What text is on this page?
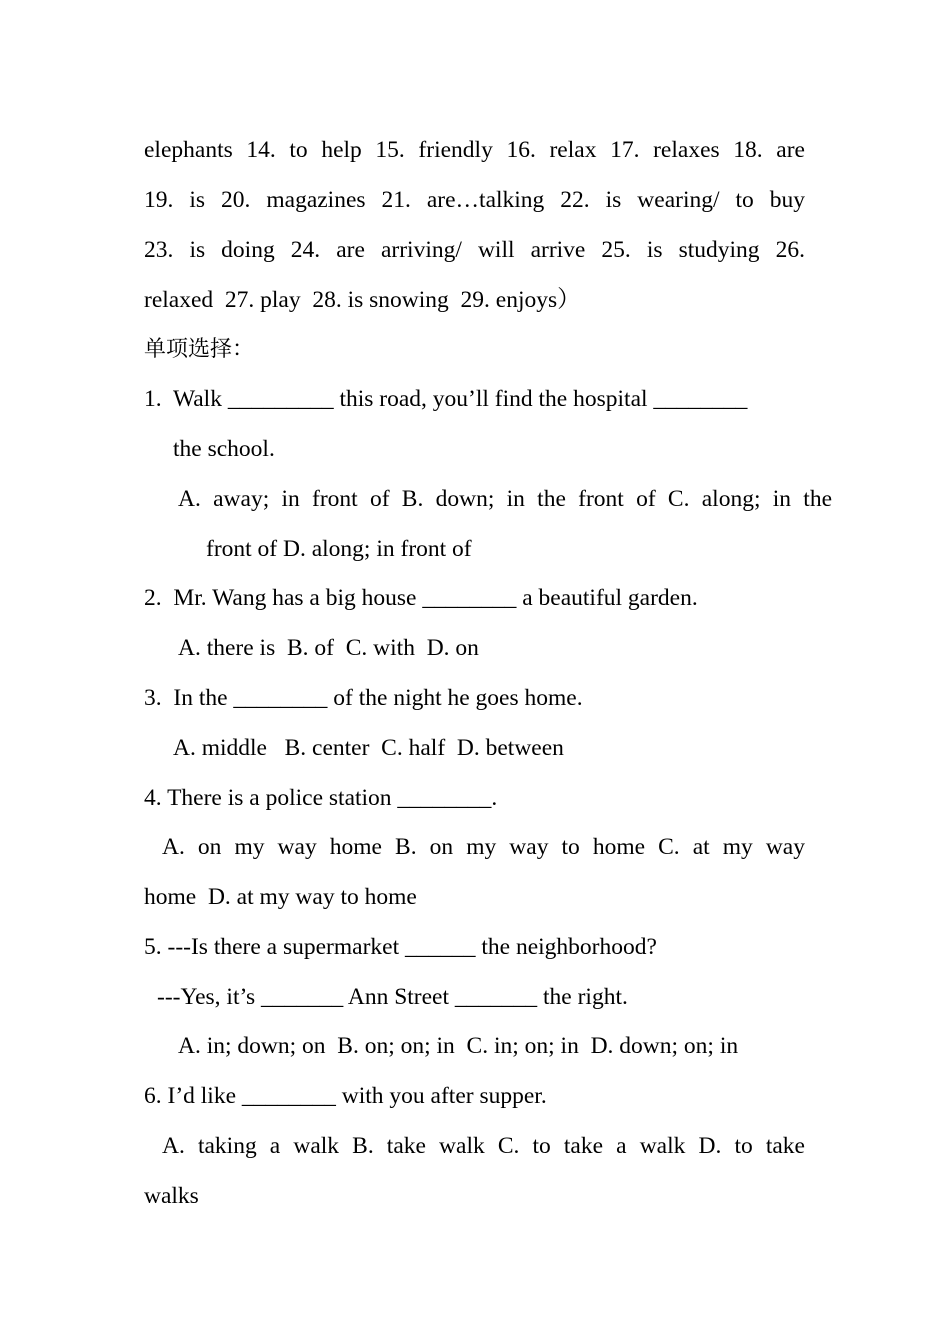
elephants 14. to help 15. friendly 16. relax 17. relaxes 18. are
19. is 20. magazines 21. are…talking 22. is wearing/ to buy
23. is doing 24. are arriving/ will arrive 25. is studying 26.
relaxed  27. play  28. is snowing  29. enjoys）
单项选择：
1.  Walk _________ this road, you’ll find the hospital ________
the school.
A. away; in front of B. down; in the front of C. along; in the
front of D. along; in front of
2.  Mr. Wang has a big house ________ a beautiful garden.
A. there is  B. of  C. with  D. on
3.  In the ________ of the night he goes home.
A. middle   B. center  C. half  D. between
4. There is a police station ________.
A. on my way home B. on my way to home C. at my way
home  D. at my way to home
5. ---Is there a supermarket ______ the neighborhood?
---Yes, it’s _______ Ann Street _______ the right.
A. in; down; on  B. on; on; in  C. in; on; in  D. down; on; in
6. I’d like ________ with you after supper.
A. taking a walk B. take walk C. to take a walk D. to take
walks
